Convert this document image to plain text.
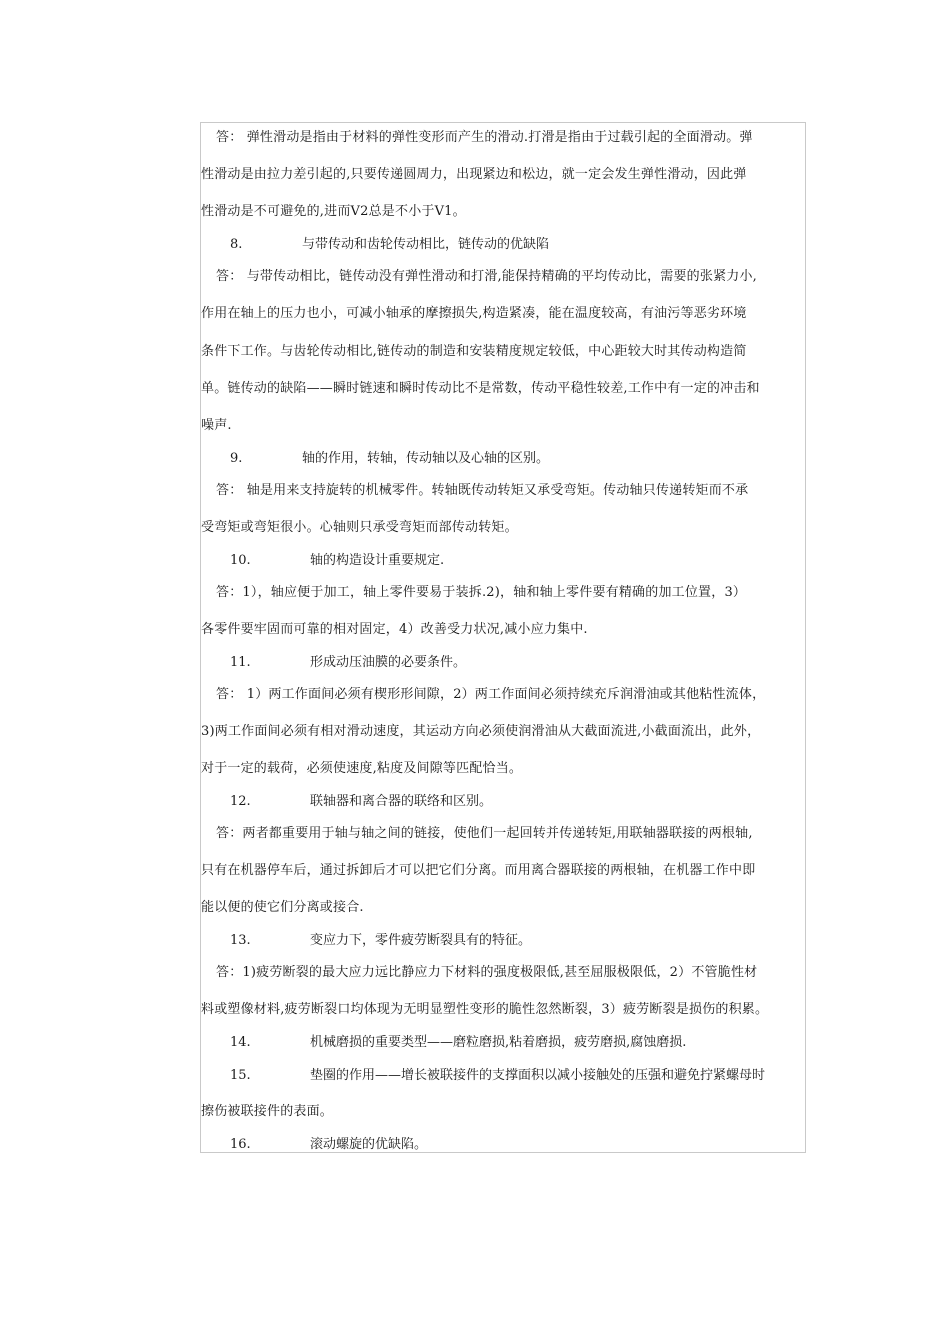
答： 弹性滑动是指由于材料的弹性变形而产生的滑动.打滑是指由于过载引起的全面滑动。弹
性滑动是由拉力差引起的,只要传递圆周力，出现紧边和松边，就一定会发生弹性滑动，因此弹
性滑动是不可避免的,进而V2总是不小于V1。
8.	与带传动和齿轮传动相比，链传动的优缺陷
答： 与带传动相比，链传动没有弹性滑动和打滑,能保持精确的平均传动比，需要的张紧力小,
作用在轴上的压力也小，可减小轴承的摩擦损失,构造紧凑，能在温度较高，有油污等恶劣环境
条件下工作。与齿轮传动相比,链传动的制造和安装精度规定较低，中心距较大时其传动构造简
单。链传动的缺陷——瞬时链速和瞬时传动比不是常数，传动平稳性较差,工作中有一定的冲击和
噪声.
9.	轴的作用，转轴，传动轴以及心轴的区别。
答： 轴是用来支持旋转的机械零件。转轴既传动转矩又承受弯矩。传动轴只传递转矩而不承
受弯矩或弯矩很小。心轴则只承受弯矩而部传动转矩。
10.	轴的构造设计重要规定.
答：1），轴应便于加工，轴上零件要易于装拆.2)，轴和轴上零件要有精确的加工位置，3）
各零件要牢固而可靠的相对固定，4）改善受力状况,减小应力集中.
11.	形成动压油膜的必要条件。
答： 1）两工作面间必须有楔形形间隙，2）两工作面间必须持续充斥润滑油或其他粘性流体，
3)两工作面间必须有相对滑动速度，其运动方向必须使润滑油从大截面流进,小截面流出，此外，
对于一定的载荷，必须使速度,粘度及间隙等匹配恰当。
12.	联轴器和离合器的联络和区别。
答：两者都重要用于轴与轴之间的链接，使他们一起回转并传递转矩,用联轴器联接的两根轴,
只有在机器停车后，通过拆卸后才可以把它们分离。而用离合器联接的两根轴，在机器工作中即
能以便的使它们分离或接合.
13.	变应力下，零件疲劳断裂具有的特征。
答：1)疲劳断裂的最大应力远比静应力下材料的强度极限低,甚至屈服极限低，2）不管脆性材
料或塑像材料,疲劳断裂口均体现为无明显塑性变形的脆性忽然断裂，3）疲劳断裂是损伤的积累。
14.	机械磨损的重要类型——磨粒磨损,粘着磨损，疲劳磨损,腐蚀磨损.
15.	垫圈的作用——增长被联接件的支撑面积以减小接触处的压强和避免拧紧螺母时
擦伤被联接件的表面。
16.	滚动螺旋的优缺陷。
